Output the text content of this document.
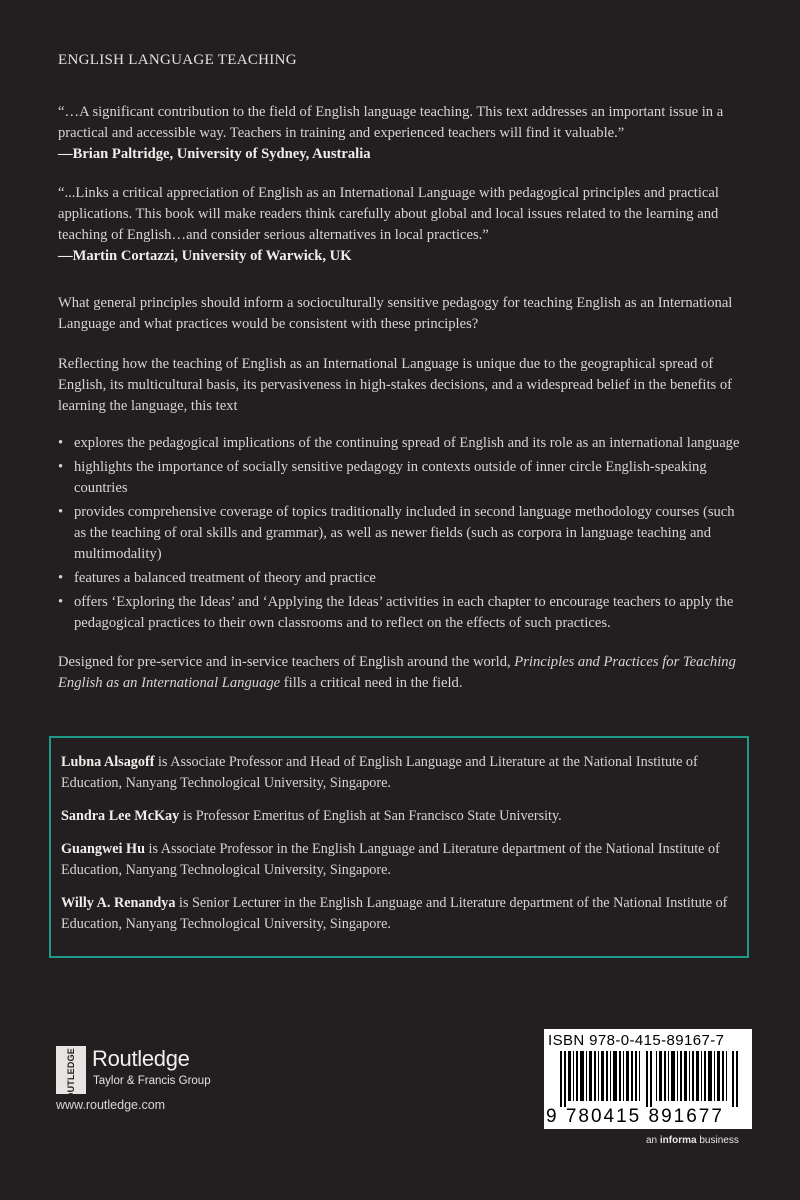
ENGLISH LANGUAGE TEACHING

“…A significant contribution to the field of English language teaching. This text addresses an important issue in a practical and accessible way. Teachers in training and experienced teachers will find it valuable.”

—Brian Paltridge, University of Sydney, Australia

“...Links a critical appreciation of English as an International Language with pedagogical principles and practical applications. This book will make readers think carefully about global and local issues related to the learning and teaching of English…and consider serious alternatives in local practices.”

—Martin Cortazzi, University of Warwick, UK

What general principles should inform a socioculturally sensitive pedagogy for teaching English as an International Language and what practices would be consistent with these principles?

Reflecting how the teaching of English as an International Language is unique due to the geographical spread of English, its multicultural basis, its pervasiveness in high-stakes decisions, and a widespread belief in the benefits of learning the language, this text

• explores the pedagogical implications of the continuing spread of English and its role as an international language
• highlights the importance of socially sensitive pedagogy in contexts outside of inner circle English-speaking countries
• provides comprehensive coverage of topics traditionally included in second language methodology courses (such as the teaching of oral skills and grammar), as well as newer fields (such as corpora in language teaching and multimodality)
• features a balanced treatment of theory and practice
• offers ‘Exploring the Ideas’ and ‘Applying the Ideas’ activities in each chapter to encourage teachers to apply the pedagogical practices to their own classrooms and to reflect on the effects of such practices.

Designed for pre-service and in-service teachers of English around the world, Principles and Practices for Teaching English as an International Language fills a critical need in the field.

Lubna Alsagoff is Associate Professor and Head of English Language and Literature at the National Institute of Education, Nanyang Technological University, Singapore.

Sandra Lee McKay is Professor Emeritus of English at San Francisco State University.

Guangwei Hu is Associate Professor in the English Language and Literature department of the National Institute of Education, Nanyang Technological University, Singapore.

Willy A. Renandya is Senior Lecturer in the English Language and Literature department of the National Institute of Education, Nanyang Technological University, Singapore.

ROUTLEDGE Routledge
Taylor & Francis Group
www.routledge.com
ISBN 978-0-415-89167-7
9 780415 891677
an informa business
